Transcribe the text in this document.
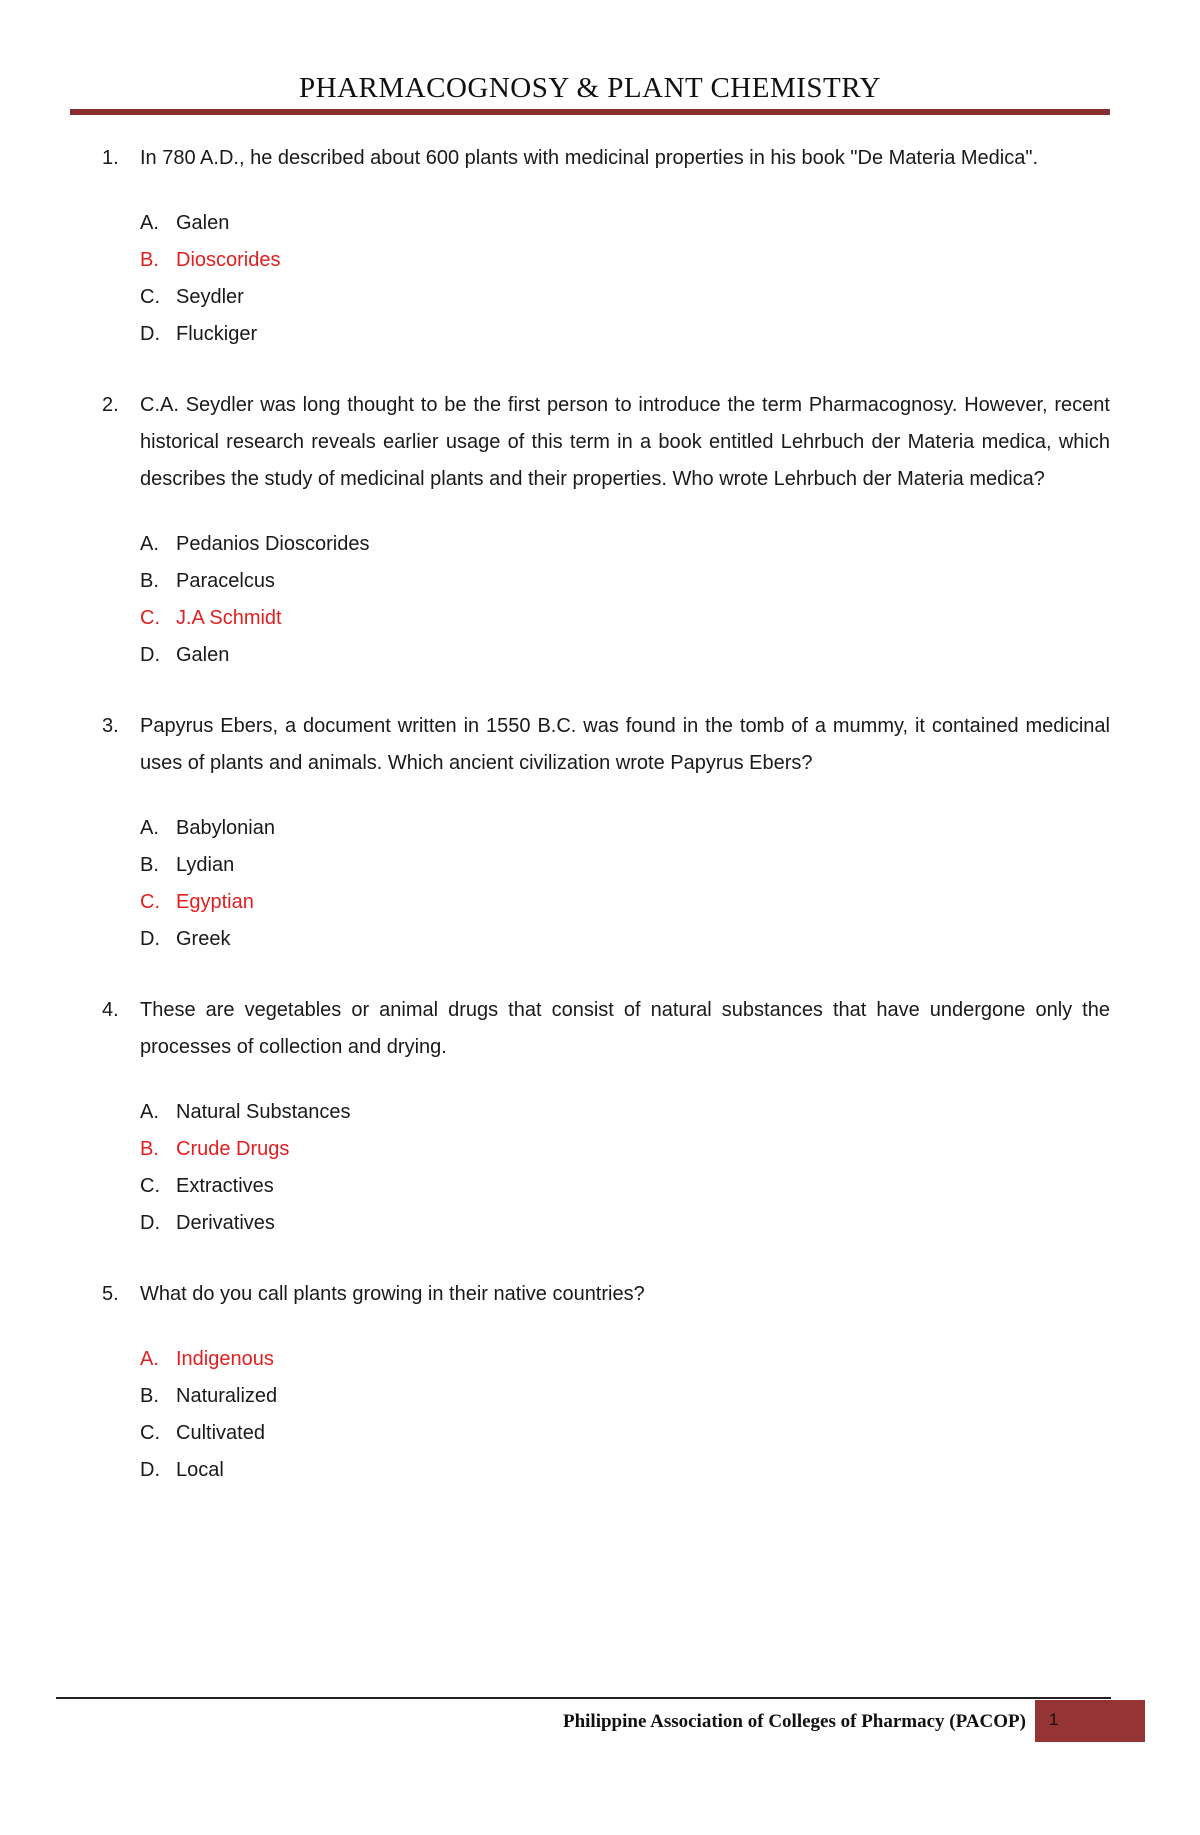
PHARMACOGNOSY & PLANT CHEMISTRY
1.	In 780 A.D., he described about 600 plants with medicinal properties in his book "De Materia Medica".
A. Galen
B. Dioscorides
C. Seydler
D. Fluckiger
2.	C.A. Seydler was long thought to be the first person to introduce the term Pharmacognosy. However, recent historical research reveals earlier usage of this term in a book entitled Lehrbuch der Materia medica, which describes the study of medicinal plants and their properties. Who wrote Lehrbuch der Materia medica?
A. Pedanios Dioscorides
B. Paracelcus
C. J.A Schmidt
D. Galen
3.	Papyrus Ebers, a document written in 1550 B.C. was found in the tomb of a mummy, it contained medicinal uses of plants and animals. Which ancient civilization wrote Papyrus Ebers?
A. Babylonian
B. Lydian
C. Egyptian
D. Greek
4.	These are vegetables or animal drugs that consist of natural substances that have undergone only the processes of collection and drying.
A. Natural Substances
B. Crude Drugs
C. Extractives
D. Derivatives
5.	What do you call plants growing in their native countries?
A. Indigenous
B. Naturalized
C. Cultivated
D. Local
Philippine Association of Colleges of Pharmacy (PACOP) 1
